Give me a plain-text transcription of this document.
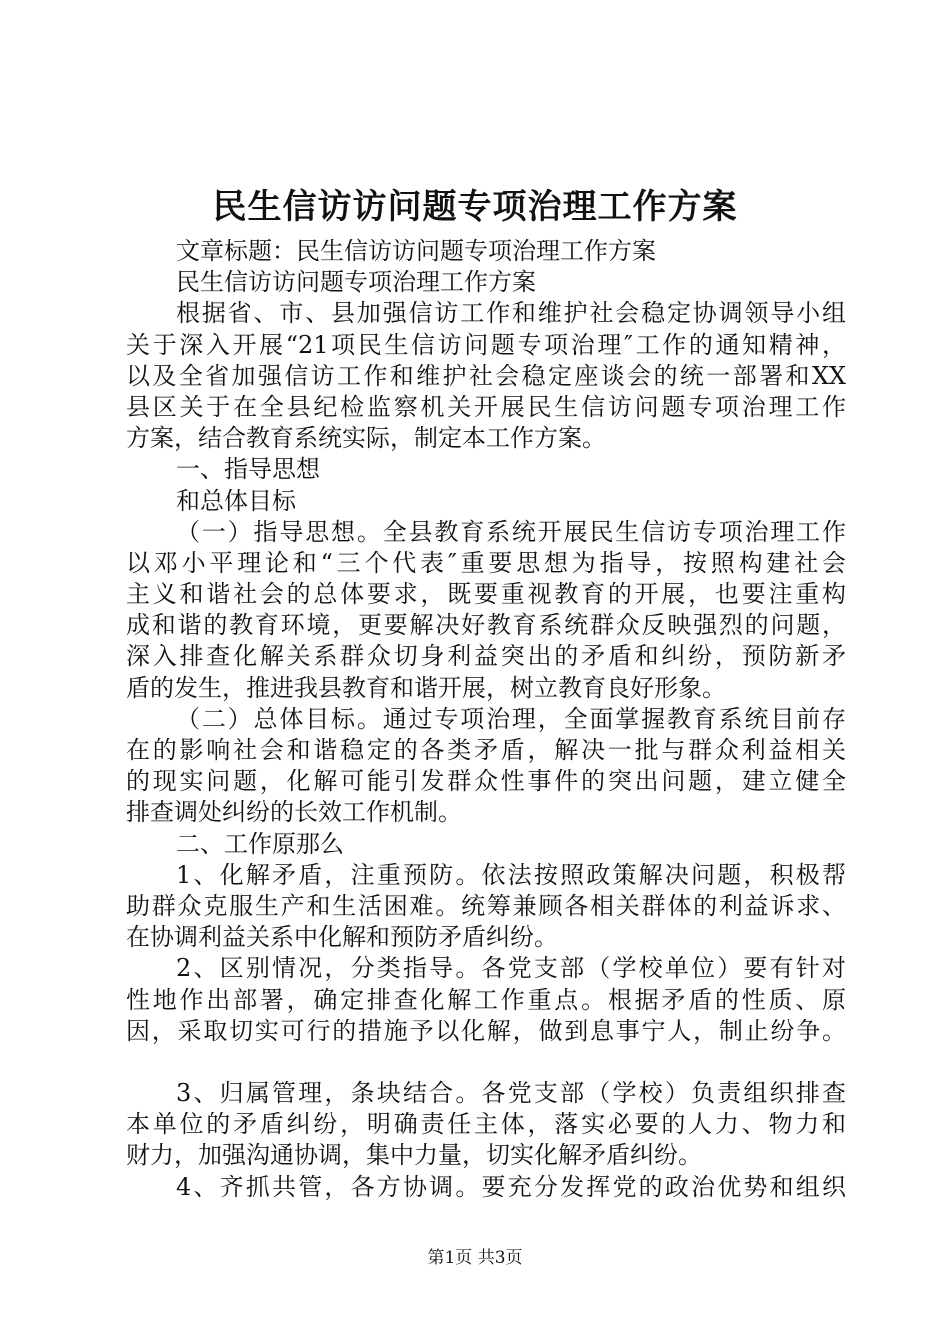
民生信访访问题专项治理工作方案
文章标题：民生信访访问题专项治理工作方案
民生信访访问题专项治理工作方案
根据省、市、县加强信访工作和维护社会稳定协调领导小组
关于深入开展“21项民生信访问题专项治理″工作的通知精神，
以及全省加强信访工作和维护社会稳定座谈会的统一部署和XX
县区关于在全县纪检监察机关开展民生信访问题专项治理工作
方案，结合教育系统实际，制定本工作方案。
一、指导思想
和总体目标
（一）指导思想。全县教育系统开展民生信访专项治理工作
以邓小平理论和“三个代表″重要思想为指导，按照构建社会
主义和谐社会的总体要求，既要重视教育的开展，也要注重构
成和谐的教育环境，更要解决好教育系统群众反映强烈的问题，
深入排查化解关系群众切身利益突出的矛盾和纠纷，预防新矛
盾的发生，推进我县教育和谐开展，树立教育良好形象。
（二）总体目标。通过专项治理，全面掌握教育系统目前存
在的影响社会和谐稳定的各类矛盾，解决一批与群众利益相关
的现实问题，化解可能引发群众性事件的突出问题，建立健全
排查调处纠纷的长效工作机制。
二、工作原那么
1、化解矛盾，注重预防。依法按照政策解决问题，积极帮
助群众克服生产和生活困难。统筹兼顾各相关群体的利益诉求、
在协调利益关系中化解和预防矛盾纠纷。
2、区别情况，分类指导。各党支部（学校单位）要有针对
性地作出部署，确定排查化解工作重点。根据矛盾的性质、原
因，采取切实可行的措施予以化解，做到息事宁人，制止纷争。
3、归属管理，条块结合。各党支部（学校）负责组织排查
本单位的矛盾纠纷，明确责任主体，落实必要的人力、物力和
财力，加强沟通协调，集中力量，切实化解矛盾纠纷。
4、齐抓共管，各方协调。要充分发挥党的政治优势和组织
第1页 共3页
